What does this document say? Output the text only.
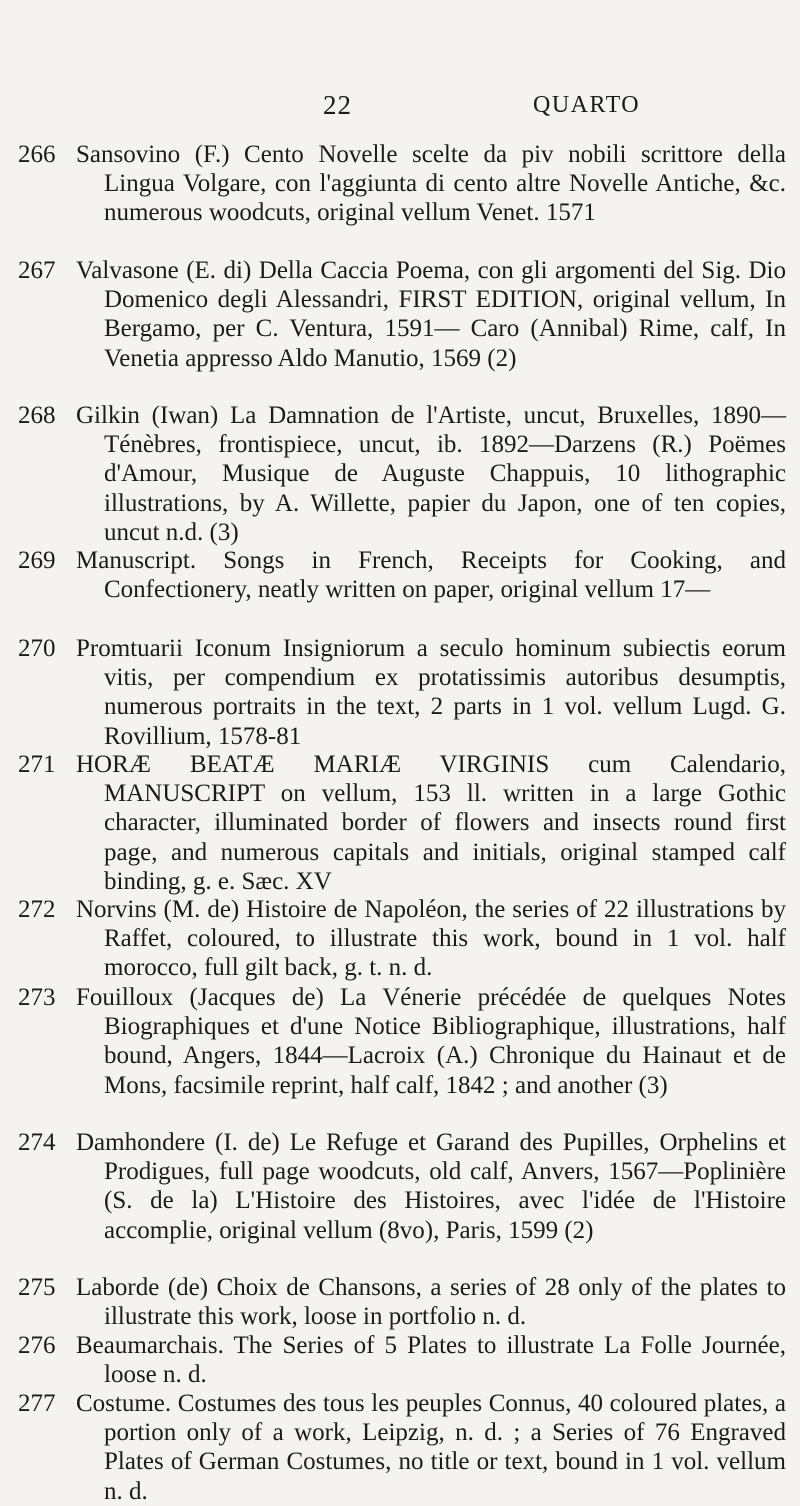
22	QUARTO
266 Sansovino (F.) Cento Novelle scelte da piv nobili scrittore della Lingua Volgare, con l'aggiunta di cento altre Novelle Antiche, &c. numerous woodcuts, original vellum Venet. 1571
267 Valvasone (E. di) Della Caccia Poema, con gli argomenti del Sig. Dio Domenico degli Alessandri, FIRST EDITION, original vellum, In Bergamo, per C. Ventura, 1591— Caro (Annibal) Rime, calf, In Venetia appresso Aldo Manutio, 1569 (2)
268 Gilkin (Iwan) La Damnation de l'Artiste, uncut, Bruxelles, 1890—Ténèbres, frontispiece, uncut, ib. 1892—Darzens (R.) Poëmes d'Amour, Musique de Auguste Chappuis, 10 lithographic illustrations, by A. Willette, papier du Japon, one of ten copies, uncut n.d. (3)
269 Manuscript. Songs in French, Receipts for Cooking, and Confectionery, neatly written on paper, original vellum 17—
270 Promtuarii Iconum Insigniorum a seculo hominum subiectis eorum vitis, per compendium ex protatissimis autoribus desumptis, numerous portraits in the text, 2 parts in 1 vol. vellum Lugd. G. Rovillium, 1578-81
271 HORÆ BEATÆ MARIÆ VIRGINIS cum Calendario, MANUSCRIPT on vellum, 153 ll. written in a large Gothic character, illuminated border of flowers and insects round first page, and numerous capitals and initials, original stamped calf binding, g. e. Sæc. XV
272 Norvins (M. de) Histoire de Napoléon, the series of 22 illustrations by Raffet, coloured, to illustrate this work, bound in 1 vol. half morocco, full gilt back, g. t. n. d.
273 Fouilloux (Jacques de) La Vénerie précédée de quelques Notes Biographiques et d'une Notice Bibliographique, illustrations, half bound, Angers, 1844—Lacroix (A.) Chronique du Hainaut et de Mons, facsimile reprint, half calf, 1842 ; and another (3)
274 Damhondere (I. de) Le Refuge et Garand des Pupilles, Orphelins et Prodigues, full page woodcuts, old calf, Anvers, 1567—Poplinière (S. de la) L'Histoire des Histoires, avec l'idée de l'Histoire accomplie, original vellum (8vo), Paris, 1599 (2)
275 Laborde (de) Choix de Chansons, a series of 28 only of the plates to illustrate this work, loose in portfolio n. d.
276 Beaumarchais. The Series of 5 Plates to illustrate La Folle Journée, loose n. d.
277 Costume. Costumes des tous les peuples Connus, 40 coloured plates, a portion only of a work, Leipzig, n. d. ; a Series of 76 Engraved Plates of German Costumes, no title or text, bound in 1 vol. vellum n. d.
